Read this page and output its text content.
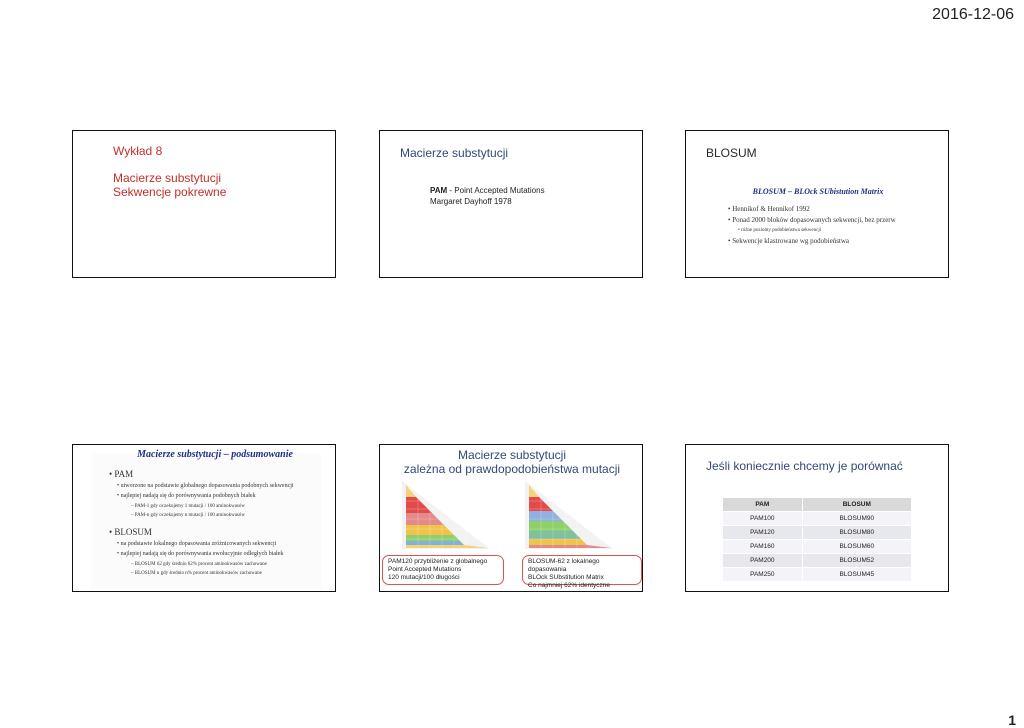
2016-12-06
Wykład 8
Macierze substytucji
Sekwencje pokrewne
Macierze substytucji
PAM - Point Accepted Mutations
Margaret Dayhoff 1978
BLOSUM
BLOSUM – BLOck SUbistution Matrix
• Hennikof & Hennikof 1992
• Ponad 2000 bloków dopasowanych sekwencji, bez przerw
• różne poziomy podobieństwa sekwencji
• Sekwencje klastrowane wg podobieństwa
Macierze substytucji – podsumowanie
• PAM
• utworzone na podstawie globalnego dopasowania podobnych sekwencji
• najlepiej nadają się do porównywania podobnych białek
– PAM-1 gdy oczekujemy 1 mutacji / 100 aminokwasów
– PAM-n gdy oczekujemy n mutacji / 100 aminokwasów
• BLOSUM
• na podstawie lokalnego dopasowania zróżnicowanych sekwencji
• najlepiej nadają się do porównywania ewolucyjnie odległych białek
– BLOSUM 62 gdy średnio 62% procent aminokwasów zachowane
– BLOSUM n gdy średnio n% procent aminokwasów zachowane
Macierze substytucji
zależna od prawdopodobieństwa mutacji
PAM120 przybliżenie z globalnego
Point Accepted Mutations
120 mutacji/100 długości
BLOSUM-62 z lokalnego dopasowania
BLOck SUbstitution Matrix
Co najmniej 62% identyczne
Jeśli koniecznie chcemy je porównać
PAM	BLOSUM
PAM100	BLOSUM90
PAM120	BLOSUM80
PAM160	BLOSUM60
PAM200	BLOSUM52
PAM250	BLOSUM45
1
